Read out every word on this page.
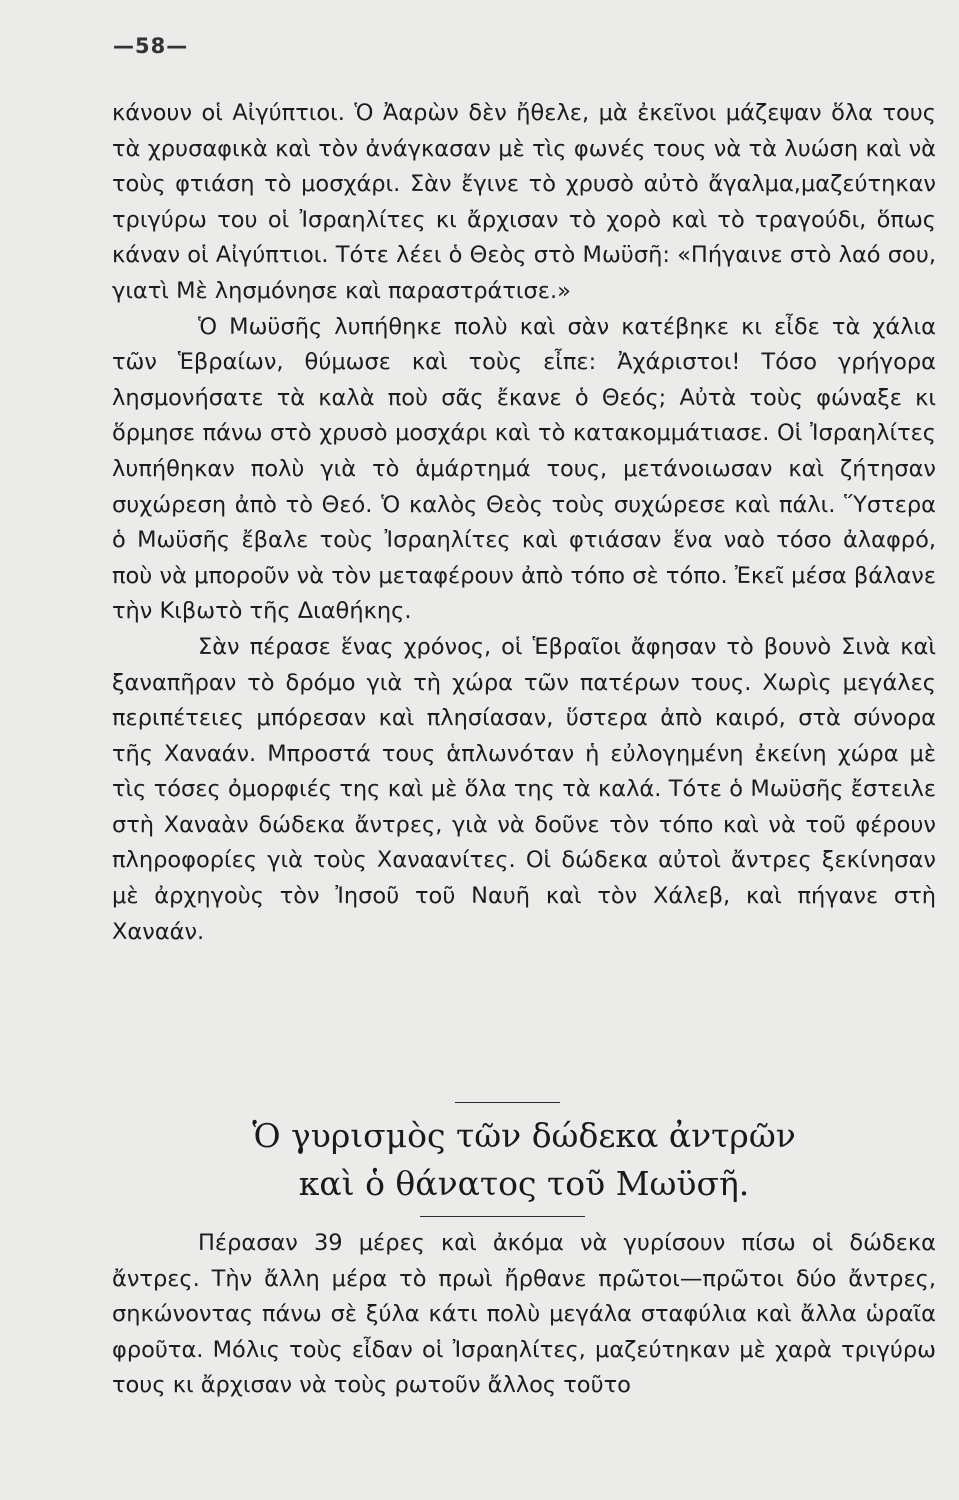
—58—

κάνουν οἱ Αἰγύπτιοι. Ὁ Ἀαρὼν δὲν ἤθελε, μὰ ἐκεῖνοι μάζεψαν ὅλα τους τὰ χρυσαφικὰ καὶ τὸν ἀνάγκασαν μὲ τὶς φωνές τους νὰ τὰ λυώση καὶ νὰ τοὺς φτιάση τὸ μοσχάρι. Σὰν ἔγινε τὸ χρυσὸ αὐτὸ ἄγαλμα,μαζεύτηκαν τριγύρω του οἱ Ἰσραηλίτες κι ἄρχισαν τὸ χορὸ καὶ τὸ τραγούδι, ὅπως κάναν οἱ Αἰγύπτιοι. Τότε λέει ὁ Θεὸς στὸ Μωϋσῆ: «Πήγαινε στὸ λαό σου, γιατὶ Μὲ λησμόνησε καὶ παραστράτισε.»

Ὁ Μωϋσῆς λυπήθηκε πολὺ καὶ σὰν κατέβηκε κι εἶδε τὰ χάλια τῶν Ἑβραίων, θύμωσε καὶ τοὺς εἶπε: Ἀχάριστοι! Τόσο γρήγορα λησμονήσατε τὰ καλὰ ποὺ σᾶς ἔκανε ὁ Θεός; Αὐτὰ τοὺς φώναξε κι ὅρμησε πάνω στὸ χρυσὸ μοσχάρι καὶ τὸ κατακομμάτιασε. Οἱ Ἰσραηλίτες λυπήθηκαν πολὺ γιὰ τὸ ἁμάρτημά τους, μετάνοιωσαν καὶ ζήτησαν συχώρεση ἀπὸ τὸ Θεό. Ὁ καλὸς Θεὸς τοὺς συχώρεσε καὶ πάλι. Ὕστερα ὁ Μωϋσῆς ἔβαλε τοὺς Ἰσραηλίτες καὶ φτιάσαν ἕνα ναὸ τόσο ἀλαφρό, ποὺ νὰ μποροῦν νὰ τὸν μεταφέρουν ἀπὸ τόπο σὲ τόπο. Ἐκεῖ μέσα βάλανε τὴν Κιβωτὸ τῆς Διαθήκης.

Σὰν πέρασε ἕνας χρόνος, οἱ Ἑβραῖοι ἄφησαν τὸ βουνὸ Σινὰ καὶ ξαναπῆραν τὸ δρόμο γιὰ τὴ χώρα τῶν πατέρων τους. Χωρὶς μεγάλες περιπέτειες μπόρεσαν καὶ πλησίασαν, ὕστερα ἀπὸ καιρό, στὰ σύνορα τῆς Χαναάν. Μπροστά τους ἁπλωνόταν ἡ εὐλογημένη ἐκείνη χώρα μὲ τὶς τόσες ὀμορφιές της καὶ μὲ ὅλα της τὰ καλά. Τότε ὁ Μωϋσῆς ἔστειλε στὴ Χαναὰν δώδεκα ἄντρες, γιὰ νὰ δοῦνε τὸν τόπο καὶ νὰ τοῦ φέρουν πληροφορίες γιὰ τοὺς Χαναανίτες. Οἱ δώδεκα αὐτοὶ ἄντρες ξεκίνησαν μὲ ἀρχηγοὺς τὸν Ἰησοῦ τοῦ Ναυῆ καὶ τὸν Χάλεβ, καὶ πήγανε στὴ Χαναάν.

Ὁ γυρισμὸς τῶν δώδεκα ἀντρῶν
καὶ ὁ θάνατος τοῦ Μωϋσῆ.

Πέρασαν 39 μέρες καὶ ἀκόμα νὰ γυρίσουν πίσω οἱ δώδεκα ἄντρες. Τὴν ἄλλη μέρα τὸ πρωὶ ἤρθανε πρῶτοι—πρῶτοι δύο ἄντρες, σηκώνοντας πάνω σὲ ξύλα κάτι πολὺ μεγάλα σταφύλια καὶ ἄλλα ὡραῖα φροῦτα. Μόλις τοὺς εἶδαν οἱ Ἰσραηλίτες, μαζεύτηκαν μὲ χαρὰ τριγύρω τους κι ἄρχισαν νὰ τοὺς ρωτοῦν ἄλλος τοῦτο
